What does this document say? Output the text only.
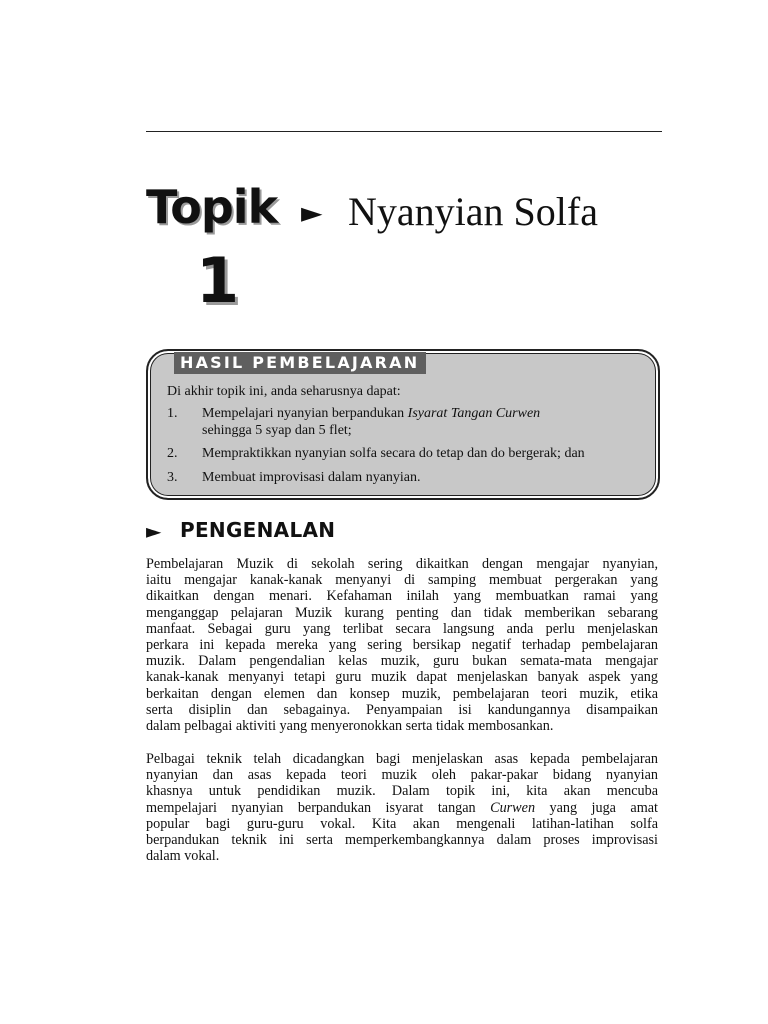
Topik
1
► Nyanyian Solfa
HASIL PEMBELAJARAN
Di akhir topik ini, anda seharusnya dapat:
1. Mempelajari nyanyian berpandukan Isyarat Tangan Curwen
sehingga 5 syap dan 5 flet;
2. Mempraktikkan nyanyian solfa secara do tetap dan do bergerak; dan
3. Membuat improvisasi dalam nyanyian.
► PENGENALAN
Pembelajaran Muzik di sekolah sering dikaitkan dengan mengajar nyanyian,
iaitu mengajar kanak-kanak menyanyi di samping membuat pergerakan yang
dikaitkan dengan menari. Kefahaman inilah yang membuatkan ramai yang
menganggap pelajaran Muzik kurang penting dan tidak memberikan sebarang
manfaat. Sebagai guru yang terlibat secara langsung anda perlu menjelaskan
perkara ini kepada mereka yang sering bersikap negatif terhadap pembelajaran
muzik. Dalam pengendalian kelas muzik, guru bukan semata-mata mengajar
kanak-kanak menyanyi tetapi guru muzik dapat menjelaskan banyak aspek yang
berkaitan dengan elemen dan konsep muzik, pembelajaran teori muzik, etika
serta disiplin dan sebagainya. Penyampaian isi kandungannya disampaikan
dalam pelbagai aktiviti yang menyeronokkan serta tidak membosankan.
Pelbagai teknik telah dicadangkan bagi menjelaskan asas kepada pembelajaran
nyanyian dan asas kepada teori muzik oleh pakar-pakar bidang nyanyian
khasnya untuk pendidikan muzik. Dalam topik ini, kita akan mencuba
mempelajari nyanyian berpandukan isyarat tangan Curwen yang juga amat
popular bagi guru-guru vokal. Kita akan mengenali latihan-latihan solfa
berpandukan teknik ini serta memperkembangkannya dalam proses improvisasi
dalam vokal.
